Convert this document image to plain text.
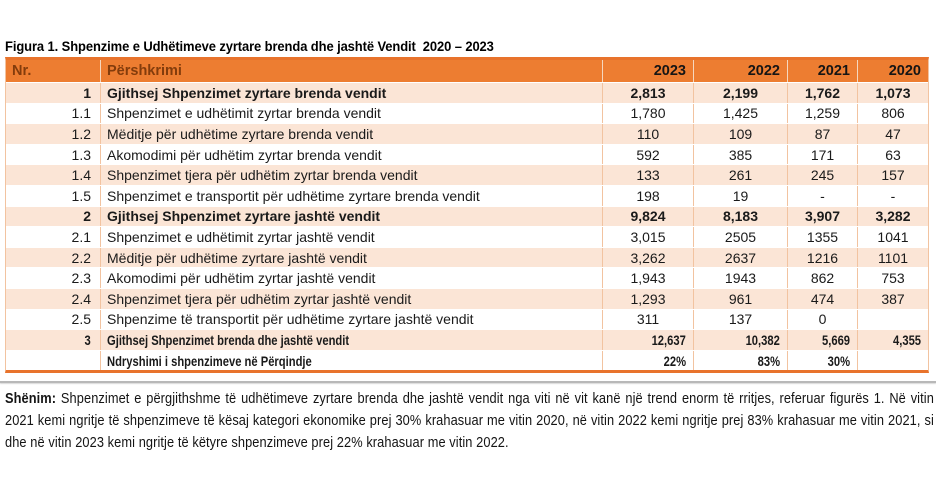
Figura 1. Shpenzime e Udhëtimeve zyrtare brenda dhe jashtë Vendit  2020 – 2023
Nr.	Përshkrimi	2023	2022	2021	2020
1 Gjithsej Shpenzimet zyrtare brenda vendit	2,813	2,199	1,762	1,073
1.1 Shpenzimet e udhëtimit zyrtar brenda vendit	1,780	1,425	1,259	806
1.2 Mëditje për udhëtime zyrtare brenda vendit	110	109	87	47
1.3 Akomodimi për udhëtim zyrtar brenda vendit	592	385	171	63
1.4 Shpenzimet tjera për udhëtim zyrtar brenda vendit	133	261	245	157
1.5 Shpenzimet e transportit për udhëtime zyrtare brenda vendit	198	19	-	-
2 Gjithsej Shpenzimet zyrtare jashtë vendit	9,824	8,183	3,907	3,282
2.1 Shpenzimet e udhëtimit zyrtar jashtë vendit	3,015	2505	1355	1041
2.2 Mëditje për udhëtime zyrtare jashtë vendit	3,262	2637	1216	1101
2.3 Akomodimi për udhëtim zyrtar jashtë vendit	1,943	1943	862	753
2.4 Shpenzimet tjera për udhëtim zyrtar jashtë vendit	1,293	961	474	387
2.5 Shpenzime të transportit për udhëtime zyrtare jashtë vendit	311	137	0
3 Gjithsej Shpenzimet brenda dhe jashtë vendit	12,637	10,382	5,669	4,355
Ndryshimi i shpenzimeve në Përqindje	22%	83%	30%
Shënim: Shpenzimet e përgjithshme të udhëtimeve zyrtare brenda dhe jashtë vendit nga viti në vit kanë një trend enorm të rritjes, referuar figurës 1. Në vitin 2021 kemi ngritje të shpenzimeve të kësaj kategori ekonomike prej 30% krahasuar me vitin 2020, në vitin 2022 kemi ngritje prej 83% krahasuar me vitin 2021, si dhe në vitin 2023 kemi ngritje të këtyre shpenzimeve prej 22% krahasuar me vitin 2022.
